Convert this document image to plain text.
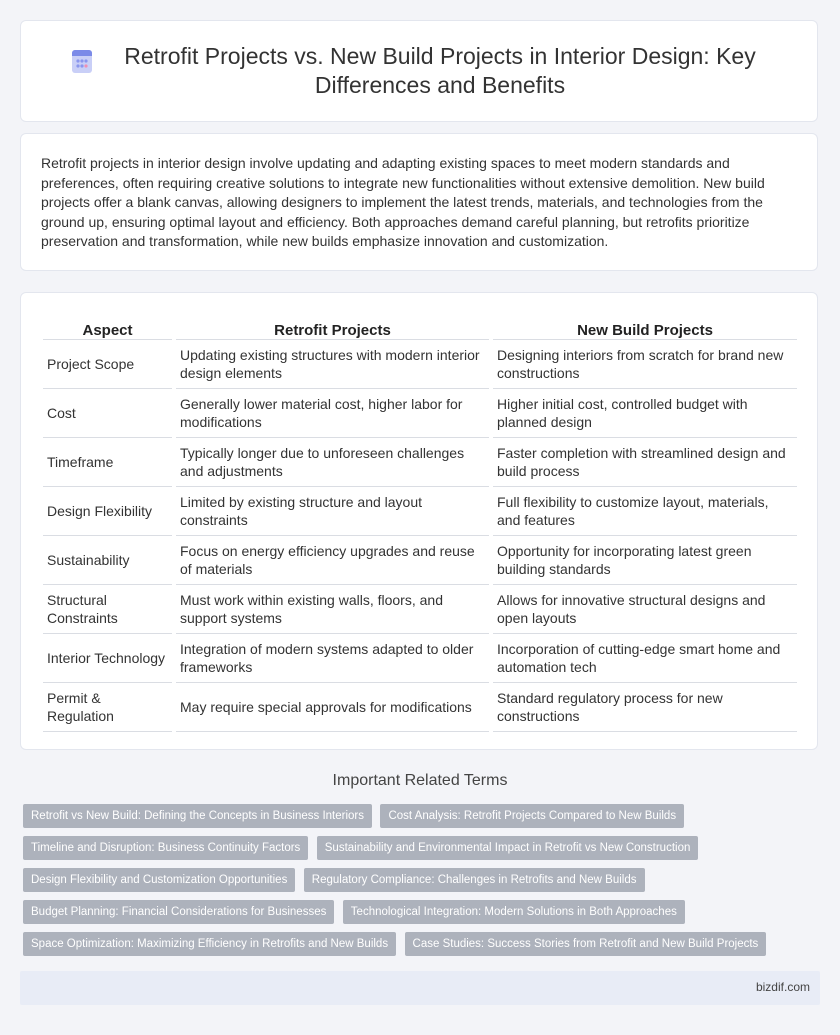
Retrofit Projects vs. New Build Projects in Interior Design: Key Differences and Benefits

Retrofit projects in interior design involve updating and adapting existing spaces to meet modern standards and preferences, often requiring creative solutions to integrate new functionalities without extensive demolition. New build projects offer a blank canvas, allowing designers to implement the latest trends, materials, and technologies from the ground up, ensuring optimal layout and efficiency. Both approaches demand careful planning, but retrofits prioritize preservation and transformation, while new builds emphasize innovation and customization.

Aspect	Retrofit Projects	New Build Projects
Project Scope	Updating existing structures with modern interior design elements	Designing interiors from scratch for brand new constructions
Cost	Generally lower material cost, higher labor for modifications	Higher initial cost, controlled budget with planned design
Timeframe	Typically longer due to unforeseen challenges and adjustments	Faster completion with streamlined design and build process
Design Flexibility	Limited by existing structure and layout constraints	Full flexibility to customize layout, materials, and features
Sustainability	Focus on energy efficiency upgrades and reuse of materials	Opportunity for incorporating latest green building standards
Structural Constraints	Must work within existing walls, floors, and support systems	Allows for innovative structural designs and open layouts
Interior Technology	Integration of modern systems adapted to older frameworks	Incorporation of cutting-edge smart home and automation tech
Permit & Regulation	May require special approvals for modifications	Standard regulatory process for new constructions
Important Related Terms
Retrofit vs New Build: Defining the Concepts in Business Interiors Cost Analysis: Retrofit Projects Compared to New Builds Timeline and Disruption: Business Continuity Factors Sustainability and Environmental Impact in Retrofit vs New Construction Design Flexibility and Customization Opportunities Regulatory Compliance: Challenges in Retrofits and New Builds Budget Planning: Financial Considerations for Businesses Technological Integration: Modern Solutions in Both Approaches Space Optimization: Maximizing Efficiency in Retrofits and New Builds Case Studies: Success Stories from Retrofit and New Build Projects
bizdif.com
